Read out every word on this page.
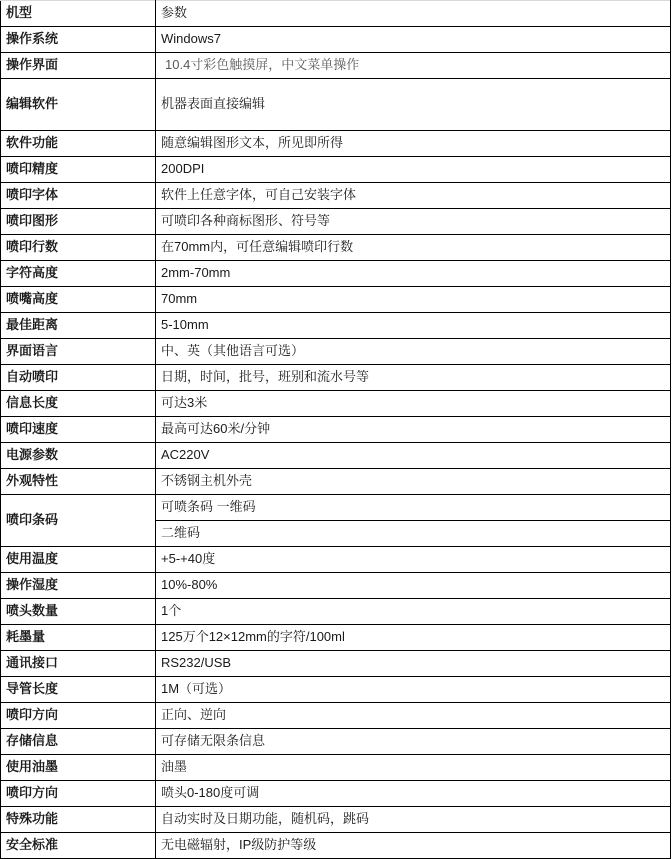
机型	参数
操作系统	Windows7
操作界面	10.4寸彩色触摸屏，中文菜单操作
编辑软件	机器表面直接编辑
软件功能	随意编辑图形文本，所见即所得
喷印精度	200DPI
喷印字体	软件上任意字体，可自己安装字体
喷印图形	可喷印各种商标图形、符号等
喷印行数	在70mm内，可任意编辑喷印行数
字符高度	2mm-70mm
喷嘴高度	70mm
最佳距离	5-10mm
界面语言	中、英（其他语言可选）
自动喷印	日期，时间，批号，班别和流水号等
信息长度	可达3米
喷印速度	最高可达60米/分钟
电源参数	AC220V
外观特性	不锈钢主机外壳
喷印条码	可喷条码 一维码
	二维码
使用温度	+5-+40度
操作湿度	10%-80%
喷头数量	1个
耗墨量	125万个12×12mm的字符/100ml
通讯接口	RS232/USB
导管长度	1M（可选）
喷印方向	正向、逆向
存储信息	可存储无限条信息
使用油墨	油墨
喷印方向	喷头0-180度可调
特殊功能	自动实时及日期功能，随机码，跳码
安全标准	无电磁辐射，IP级防护等级
